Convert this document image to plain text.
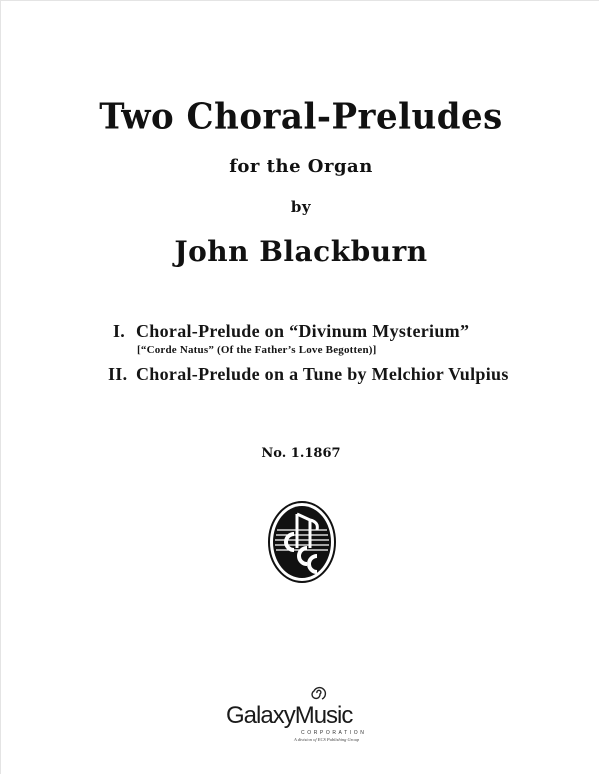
Two Choral-Preludes
for the Organ
by
John Blackburn
I. Choral-Prelude on “Divinum Mysterium”
[“Corde Natus” (Of the Father’s Love Begotten)]
II. Choral-Prelude on a Tune by Melchior Vulpius
No. 1.1867
GalaxyMusic
CORPORATION
A division of ECS Publishing Group
